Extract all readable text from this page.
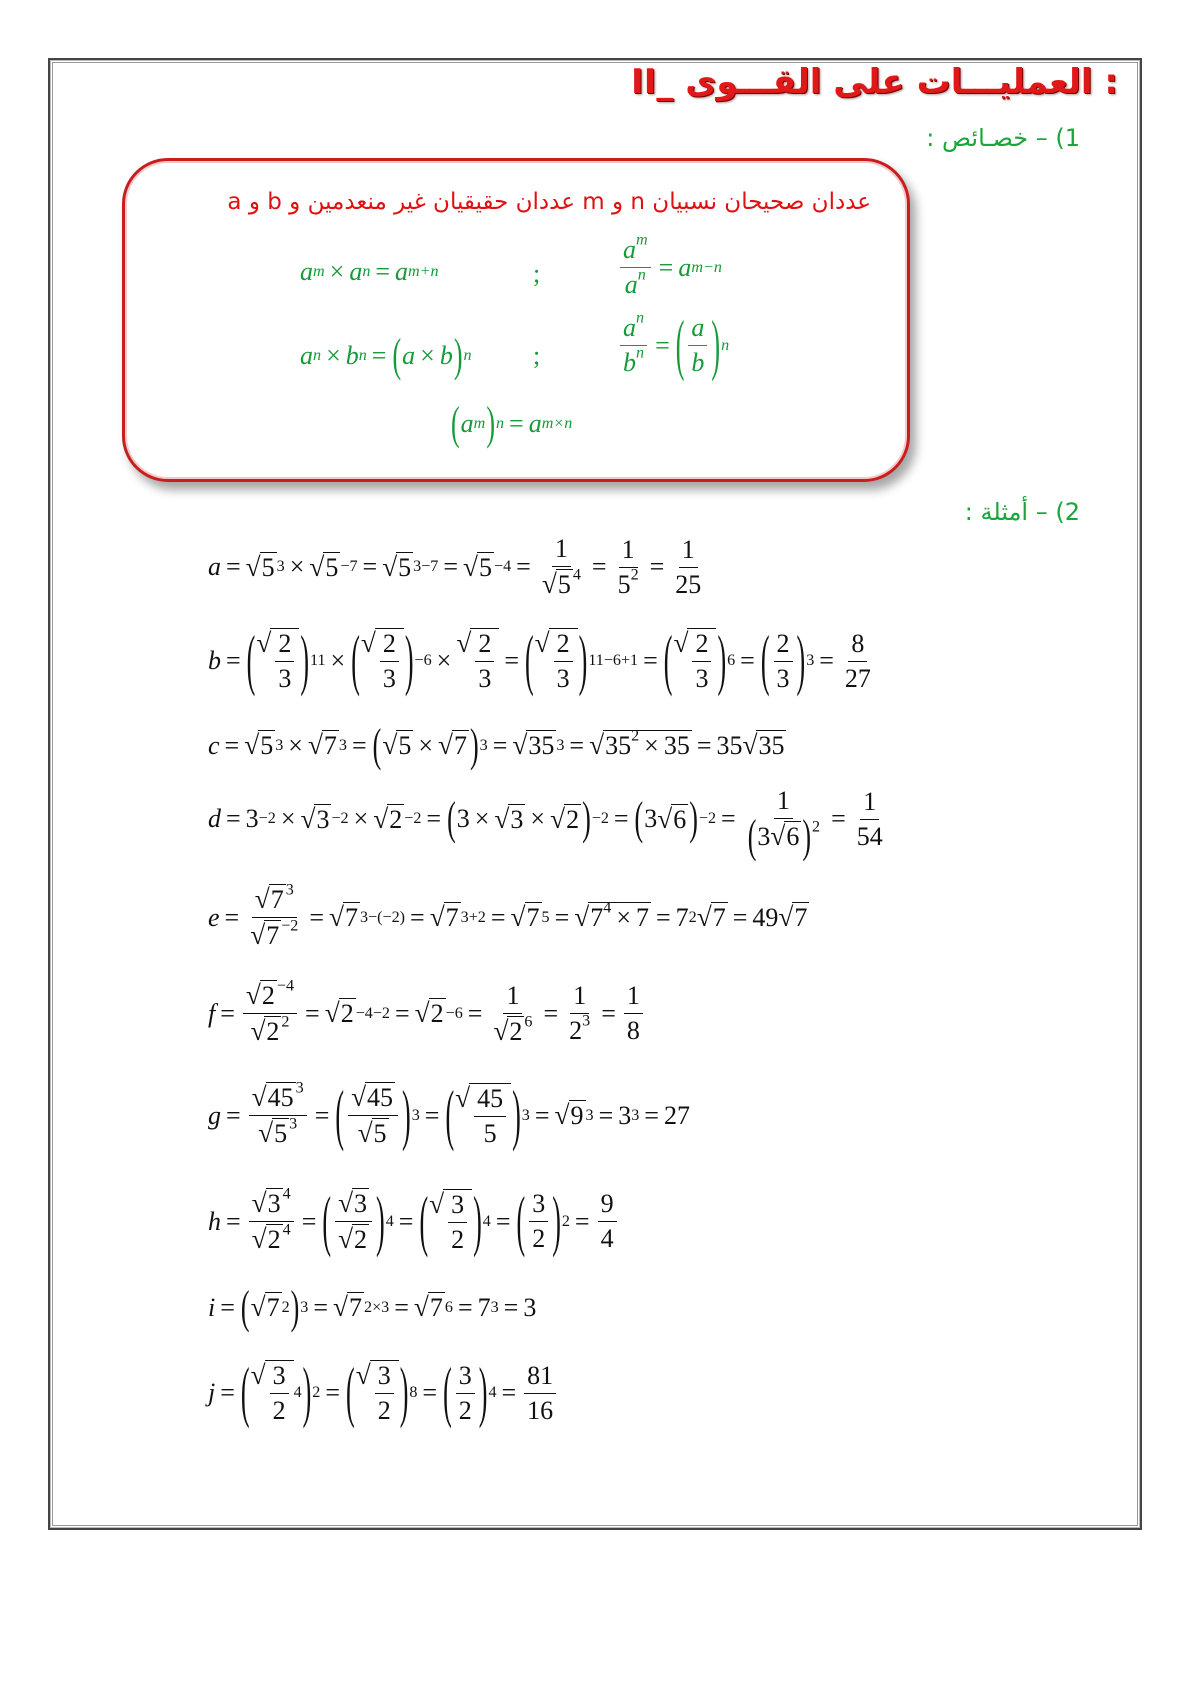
II_ العمليـــات على القـــوى :
1) – خصـائص :
a و b عددان حقيقيان غير منعدمين و m و n عددان صحيحان نسبيان
a m × a n = a m+n	;	$\frac{a^m}{a^n} = a$ m−n
a n × b n = ( a × b ) n ;	$\frac{a^n}{b^n}$ = ( $\frac{a}{b}$ ) n
( a m ) n = a m×n
2) – أمثلة :
a = √ 5 3 × √ 5 −7 = √ 5 3−7 = √ $5 -4 = \frac{1}{√ 5 ^4} = \frac{1}{5^2} = \frac{1}{25}$
b = ( √ $\frac{2}{3}$ ) 11 × ( √ $\frac{2}{3}$ ) −6 ×
√ $\frac{2}{3}$ = ( √ $\frac{2}{3}$ ) 11−6+1 = ( √ $\frac{2}{3}$ ) 6 = ( $\frac{2}{3}$ ) $3 = \frac{8}{27}$
c = √ 5 3 × √ 7 3 = ( √ 5 × √ 7 ) 3 = √ 35 3 = √ $35^2 \times 35 = 35$ √ 35
d = 3 −2 × √ 3 −2 × √ 2 −2 = ( 3 × √ 3 × √ 2 ) −2 = ( 3 √ 6 ) $-2 = \frac{1}{(3 √ 6 )^2} = \frac{1}{54}$
$e = \frac{√ 7 ^3}{√ 7 ^{-2}}$ = √ 7 3−(−2) = √ 7 3+2 = √ 7 5 = √ $7^4 \times 7 = 7$ 2 √ 7 = 49 √ 7
$f = \frac{√ 2 ^{-4}}{√ 2 ^2}$ = √ 2 −4−2 = √ $2 -6 = \frac{1}{√ 2 ^6} = \frac{1}{2^3} = \frac{1}{8}$
$g = \frac{√ 45 ^3}{√ 5 ^3}$ = ( $\frac{√ 45}{√ 5}$ ) 3 = ( √ $\frac{45}{5}$ ) 3 = √ 9 3 = 3 3 = 27
$h = \frac{√ 3 ^4}{√ 2 ^4}$ = ( $\frac{√ 3}{√ 2}$ ) 4 = ( √ $\frac{3}{2}$ ) 4 = ( $\frac{3}{2}$ ) $2 = \frac{9}{4}$
i = ( √ 7 2 ) 3 = √ 7 2×3 = √ 7 6 = 7 3 = 3
j = ( √ $\frac{3}{2} 4$ ) 2 = ( √ $\frac{3}{2}$ ) 8 = ( $\frac{3}{2}$ ) $4 = \frac{81}{16}$
